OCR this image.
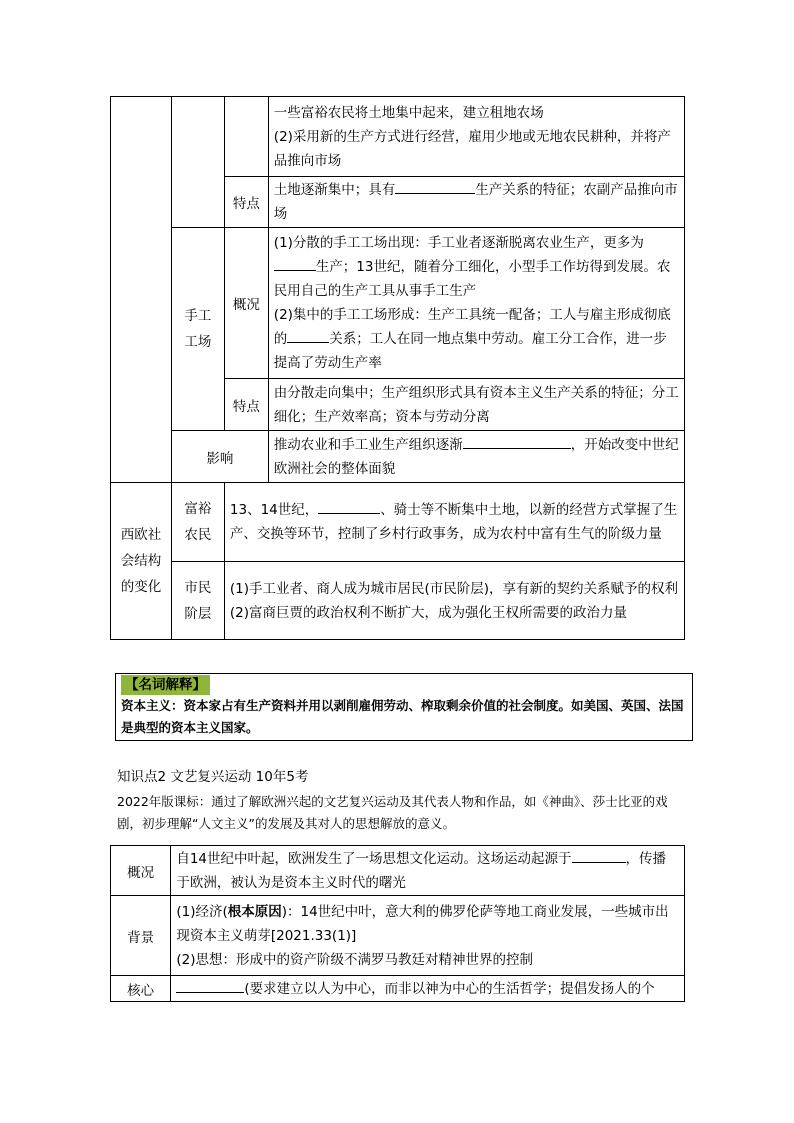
			一些富裕农民将土地集中起来，建立租地农场
(2)采用新的生产方式进行经营，雇用少地或无地农民耕种，并将产品推向市场

		特点	土地逐渐集中；具有 生产关系的特征；农副产品推向市场

	手工工场	概况	(1)分散的手工工场出现：手工业者逐渐脱离农业生产，更多为
生产；13世纪，随着分工细化，小型手工作坊得到发展。农民用自己的生产工具从事手工生产
(2)集中的手工工场形成：生产工具统一配备；工人与雇主形成彻底的 关系；工人在同一地点集中劳动。雇工分工合作，进一步提高了劳动生产率

		特点	由分散走向集中；生产组织形式具有资本主义生产关系的特征；分工细化；生产效率高；资本与劳动分离
	影响		推动农业和手工业生产组织逐渐 ，开始改变中世纪欧洲社会的整体面貌

西欧社会结构的变化	富裕农民	13、14世纪， 、骑士等不断集中土地，以新的经营方式掌握了生产、交换等环节，控制了乡村行政事务，成为农村中富有生气的阶级力量	

	市民阶层	(1)手工业者、商人成为城市居民(市民阶层)，享有新的契约关系赋予的权利
(2)富商巨贾的政治权利不断扩大，成为强化王权所需要的政治力量	
【名词解释】
资本主义：资本家占有生产资料并用以剥削雇佣劳动、榨取剩余价值的社会制度。如美国、英国、法国是典型的资本主义国家。
知识点2 文艺复兴运动 10年5考
2022年版课标：通过了解欧洲兴起的文艺复兴运动及其代表人物和作品，如《神曲》、莎士比亚的戏剧，初步理解“人文主义”的发展及其对人的思想解放的意义。
概况	自14世纪中叶起，欧洲发生了一场思想文化运动。这场运动起源于 ，传播于欧洲，被认为是资本主义时代的曙光
背景	(1)经济(根本原因)：14世纪中叶，意大利的佛罗伦萨等地工商业发展，一些城市出现资本主义萌芽[2021.33(1)]
(2)思想：形成中的资产阶级不满罗马教廷对精神世界的控制

核心	(要求建立以人为中心，而非以神为中心的生活哲学；提倡发扬人的个
